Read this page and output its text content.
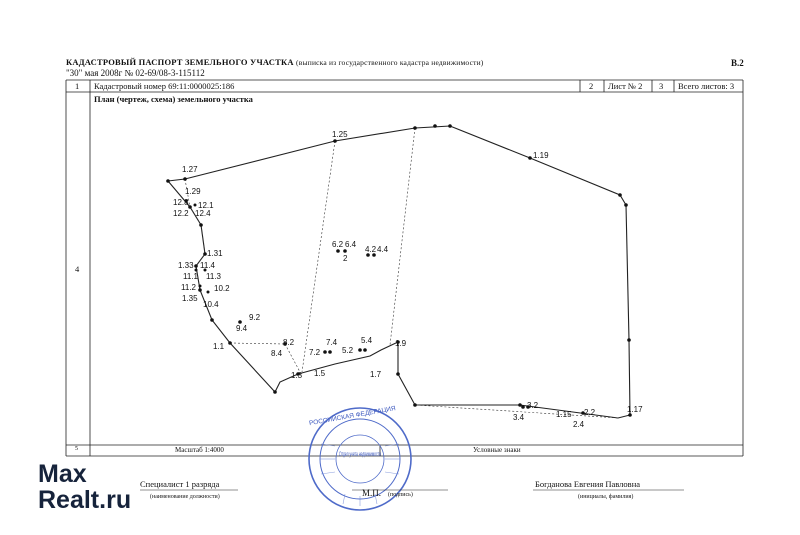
КАДАСТРОВЫЙ ПАСПОРТ ЗЕМЕЛЬНОГО УЧАСТКА (выписка из государственного кадастра недвижимости)	В.2
"30" мая 2008г № 02-69/08-3-115112
1 Кадастровый номер 69:11:0000025:186	2 Лист № 2 3 Всего листов: 3
План (чертеж, схема) земельного участка
4
5	Масштаб 1:4000	Условные знаки
1.25
1.19
1.27
1.29
12.8 12.1
12.2 12.4
1.31
1.33 11.4
11.1 11.3
11.2 10.2
1.35
10.4
9.2
9.4
1.1	8.2
8.4
7.4
7.2
5.4
5.2
1.9
1.3 1.5
6.2 6.4
4.2 4.4
2
1.7
3.2
3.4	1.15 2.2
2.4
1.17
РОССИЙСКАЯ ФЕДЕРАЦИЯ
Отдел учета недвижимости
Специалист 1 разряда
(наименование должности)	М.П. (подпись)
Богданова Евгения Павловна
(инициалы, фамилия)
Max
Realt.ru
